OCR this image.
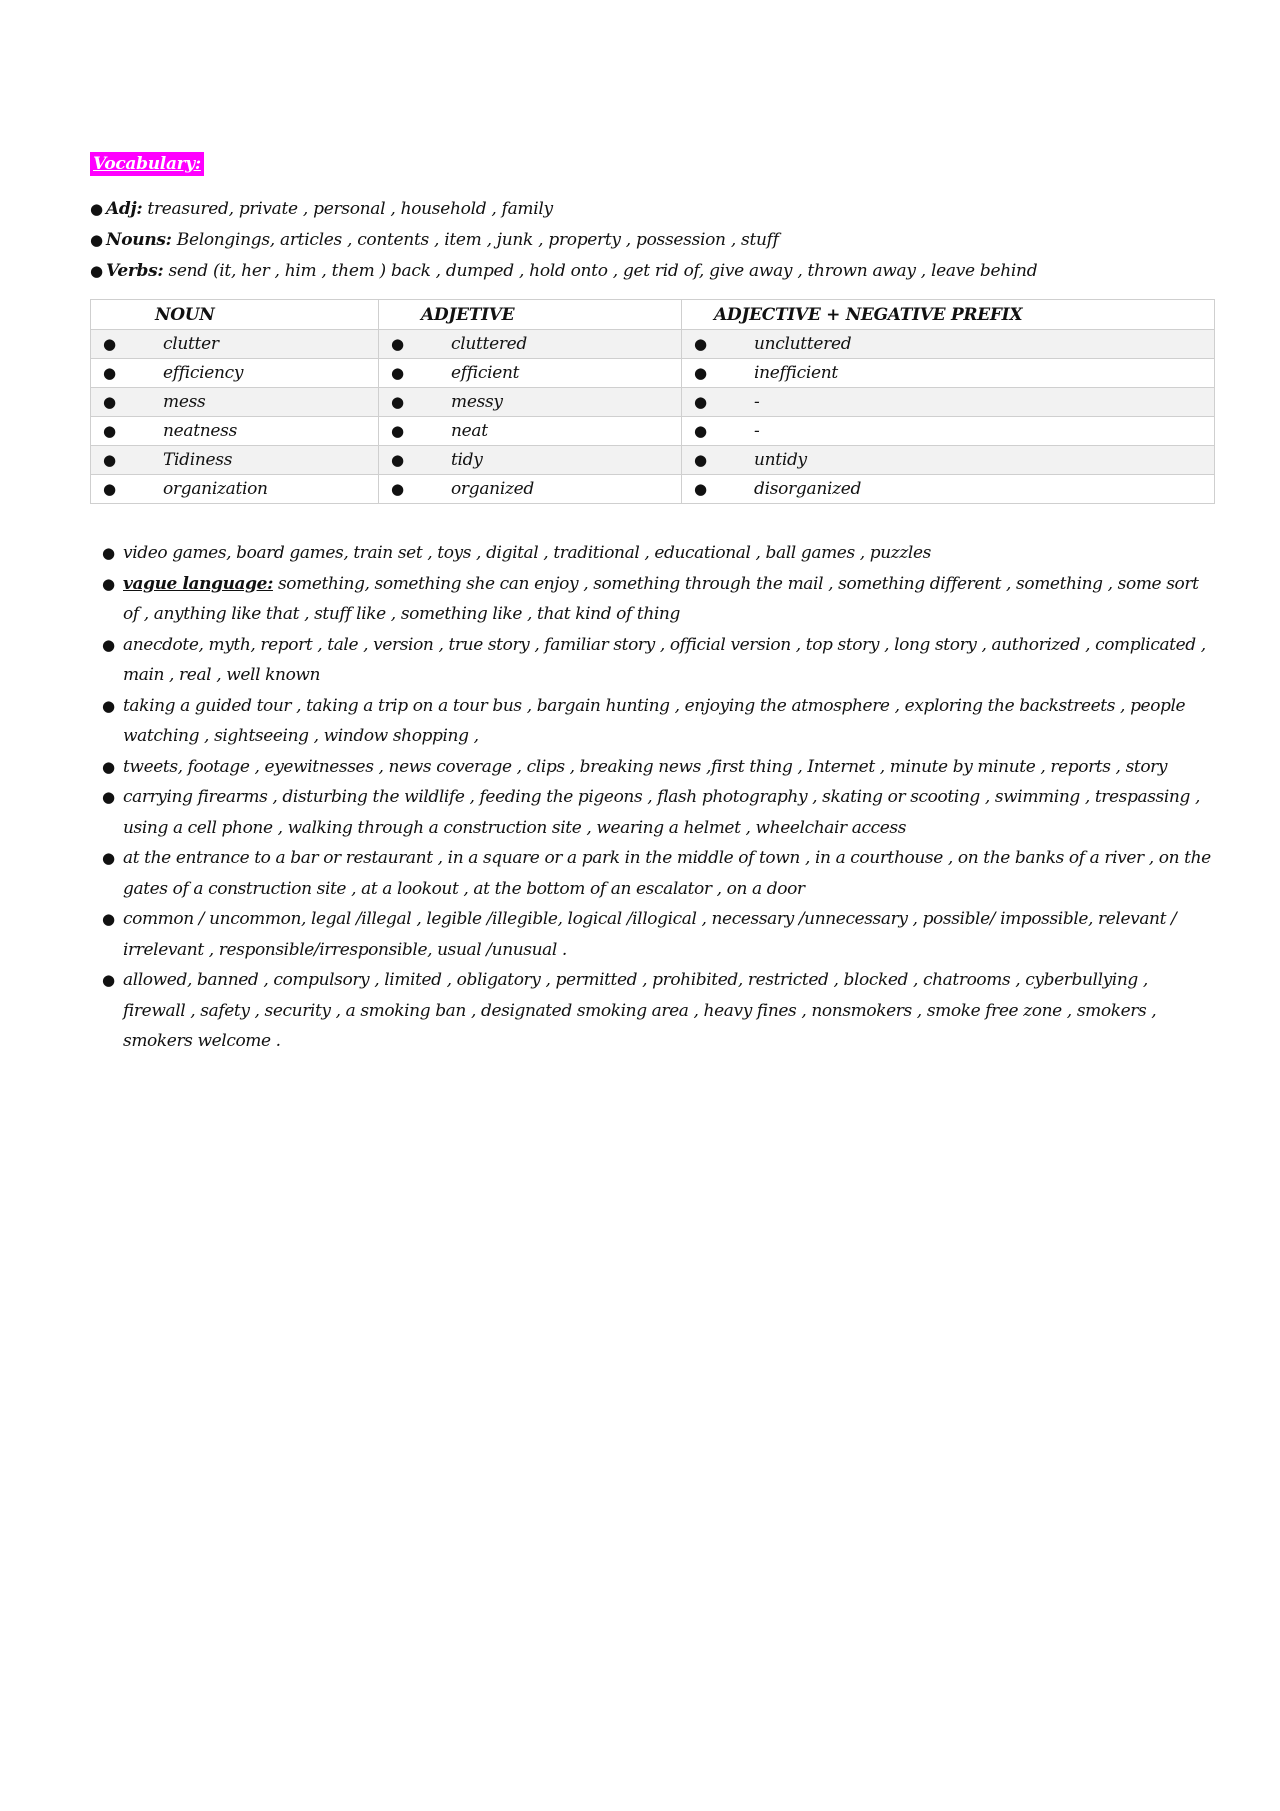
Vocabulary:
● Adj: treasured, private , personal , household , family
● Nouns: Belongings, articles , contents , item , junk , property , possession , stuff
● Verbs: send (it, her , him , them ) back , dumped , hold onto , get rid of, give away , thrown away , leave behind
NOUN	ADJETIVE	ADJECTIVE + NEGATIVE PREFIX
● clutter	● cluttered	● uncluttered
● efficiency	● efficient	● inefficient
● mess	● messy	● -
● neatness	● neat	● -
● Tidiness	● tidy	● untidy
● organization	● organized	● disorganized
● video games, board games, train set , toys , digital , traditional , educational , ball games , puzzles
● vague language: something, something she can enjoy , something through the mail , something different , something , some sort of , anything like that , stuff like , something like , that kind of thing
● anecdote, myth, report , tale , version , true story , familiar story , official version , top story , long story , authorized , complicated , main , real , well known
● taking a guided tour , taking a trip on a tour bus , bargain hunting , enjoying the atmosphere , exploring the backstreets , people watching , sightseeing , window shopping ,
● tweets, footage , eyewitnesses , news coverage , clips , breaking news ,first thing , Internet , minute by minute , reports , story
● carrying firearms , disturbing the wildlife , feeding the pigeons , flash photography , skating or scooting , swimming , trespassing , using a cell phone , walking through a construction site , wearing a helmet , wheelchair access
● at the entrance to a bar or restaurant , in a square or a park in the middle of town , in a courthouse , on the banks of a river , on the gates of a construction site , at a lookout , at the bottom of an escalator , on a door
● common / uncommon, legal /illegal , legible /illegible, logical /illogical , necessary /unnecessary , possible/ impossible, relevant / irrelevant , responsible/irresponsible, usual /unusual .
● allowed, banned , compulsory , limited , obligatory , permitted , prohibited, restricted , blocked , chatrooms , cyberbullying , firewall , safety , security , a smoking ban , designated smoking area , heavy fines , nonsmokers , smoke free zone , smokers , smokers welcome .
